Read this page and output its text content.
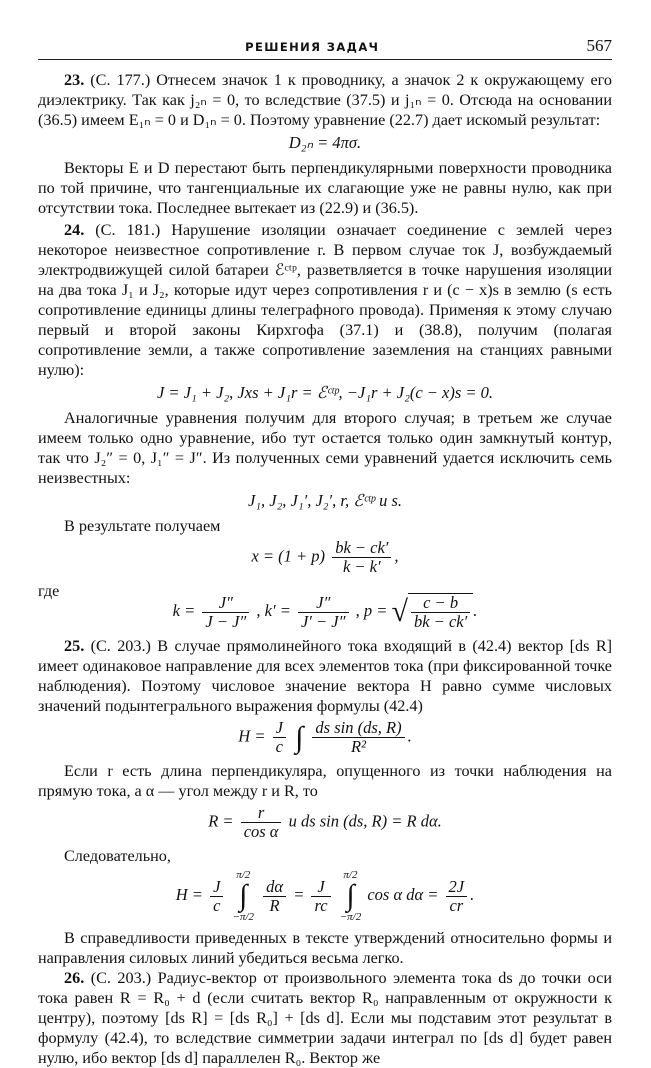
РЕШЕНИЯ ЗАДАЧ	567

23. (С. 177.) Отнесем значок 1 к проводнику, а значок 2 к окружающему его диэлектрику. Так как j₂ₙ = 0, то вследствие (37.5) и j₁ₙ = 0. Отсюда на основании (36.5) имеем E₁ₙ = 0 и D₁ₙ = 0. Поэтому уравнение (22.7) дает искомый результат:

D₂ₙ = 4πσ.

Векторы E и D перестают быть перпендикулярными поверхности проводника по той причине, что тангенциальные их слагающие уже не равны нулю, как при отсутствии тока. Последнее вытекает из (22.9) и (36.5).

24. (С. 181.) Нарушение изоляции означает соединение с землей через некоторое неизвестное сопротивление r. В первом случае ток J, возбуждаемый электродвижущей силой батареи ℰᶜᵗᵖ, разветвляется в точке нарушения изоляции на два тока J₁ и J₂, которые идут через сопротивления r и (c − x)s в землю (s есть сопротивление единицы длины телеграфного провода). Применяя к этому случаю первый и второй законы Кирхгофа (37.1) и (38.8), получим (полагая сопротивление земли, а также сопротивление заземления на станциях равными нулю):

J = J₁ + J₂, Jxs + J₁r = ℰᶜᵗᵖ, −J₁r + J₂(c − x)s = 0.

Аналогичные уравнения получим для второго случая; в третьем же случае имеем только одно уравнение, ибо тут остается только один замкнутый контур, так что J₂″ = 0, J₁″ = J″. Из полученных семи уравнений удается исключить семь неизвестных:

J₁, J₂, J₁′, J₂′, r, ℰᶜᵗᵖ и s.

В результате получаем

$x = (1 + p) \frac{bk - ck'}{k - k'}$ ,

где

$k = \frac{J''}{J - J''}$ , $k' = \frac{J''}{J' - J''}$ , p = √ $\frac{c - b}{bk - ck'}$ .

25. (С. 203.) В случае прямолинейного тока входящий в (42.4) вектор [ds R] имеет одинаковое направление для всех элементов тока (при фиксированной точке наблюдения). Поэтому числовое значение вектора H равно сумме числовых значений подынтегрального выражения формулы (42.4)

$H = \frac{J}{c}$
∫
$\frac{\text{ds sin (ds, R)}}{\text{R²}}$ .

Если r есть длина перпендикуляра, опущенного из точки наблюдения на прямую тока, а α — угол между r и R, то

$R = \frac{r}{\text{cos α}}$ и ds sin (ds, R) = R dα.

Следовательно,

$H = \frac{J}{c}$
π/2
∫
−π/2
$\frac{d\alpha}{R} = \frac{J}{rc}$
π/2
∫
−π/2 cos α $d\alpha = \frac{2J}{cr}$ .

В справедливости приведенных в тексте утверждений относительно формы и направления силовых линий убедиться весьма легко.

26. (С. 203.) Радиус-вектор от произвольного элемента тока ds до точки оси тока равен R = R₀ + d (если считать вектор R₀ направленным от окружности к центру), поэтому [ds R] = [ds R₀] + [ds d]. Если мы подставим этот результат в формулу (42.4), то вследствие симметрии задачи интеграл по [ds d] будет равен нулю, ибо вектор [ds d] параллелен R₀. Вектор же
